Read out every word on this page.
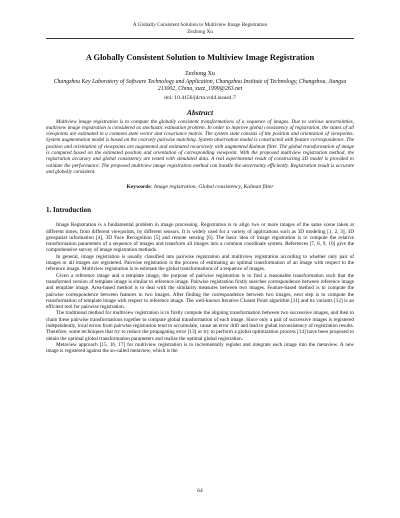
A Globally Consistent Solution to Multiview Image Registration
Zezhong Xu
A Globally Consistent Solution to Multiview Image Registration
Zezhong Xu
Changzhou Key Laboratory of Software Technology and Application, Changzhou Institute of Technology, Changzhou, Jiangsu 213002, China, xuzz_1999@263.net
doi: 10.4156/jdcta.vol4.issue4.7
Abstract

Multiview image registration is to compute the globally consistent transformations of a sequence of images. Due to various uncertainties, multiview image registration is considered as stochastic estimation problem. In order to improve global consistency of registration, the states of all viewpoints are estimated in a common state vector and covariance matrix. The system state consists of the position and orientation of viewpoints. System augmentation model is based on the coarsely pairwise matching. System observation model is constructed with feature correspondence. The position and orientation of viewpoints are augmented and estimated recursively with augmented Kalman filter. The global transformation of image is computed based on the estimated position and orientation of corresponding viewpoint. With the proposed multiview registration method, the registration accuracy and global consistency are tested with simulated data. A real experimental result of constructing 3D model is provided to validate the performance. The proposed multiview image registration method can handle the uncertainty efficiently. Registration result is accurate and globally consistent.

Keywords: Image registration, Global consistency, Kalman filter
1. Introduction

Image Registration is a fundamental problem in image processing. Registration is to align two or more images of the same scene taken at different times, from different viewpoints, by different sensors. It is widely used for a variety of applications such as 3D modeling [1, 2, 3], 3D geospatial information [4], 3D Face Recognition [5] and remote sensing [6]. The basic idea of image registration is to compute the relative transformation parameters of a sequence of images and transform all images into a common coordinate system. References [7, 8, 9, 10] give the comprehensive survey of image registration methods.

In general, image registration is usually classified into pairwise registration and multiview registration according to whether only pair of images or all images are registered. Pairwise registration is the process of estimating an optimal transformation of an image with respect to the reference image. Multiview registration is to estimate the global transformations of a sequence of images.

Given a reference image and a template image, the purpose of pairwise registration is to find a reasonable transformation such that the transformed version of template image is similar to reference image. Pairwise registration firstly searches correspondence between reference image and template image. Area-based method is to deal with the similarity measures between two images. Feature-based method is to compute the pairwise correspondence between features in two images. After finding the correspondence between two images, next step is to compute the transformation of template image with respect to reference image. The well-known Iterative Closest Point algorithm [11] and its variants [12] is an efficient tool for pairwise registration.

The traditional method for multiview registration is to firstly compute the aligning transformation between two successive images, and then to chain these pairwise transformations together to compute global transformation of each image. Since only a pair of successive images is registered independently, local errors from pairwise registration tend to accumulate, cause an error drift and lead to global inconsistency of registration results. Therefore, some techniques that try to reduce the propagating error [13] or try to perform a global optimization process [14] have been proposed to obtain the optimal global transformation parameters and realize the optimal global registration.

Metaview approach [15, 16, 17] for multiview registration is to incrementally register and integrate each image into the metaview. A new image is registered against the so-called metaview, which is the

64
